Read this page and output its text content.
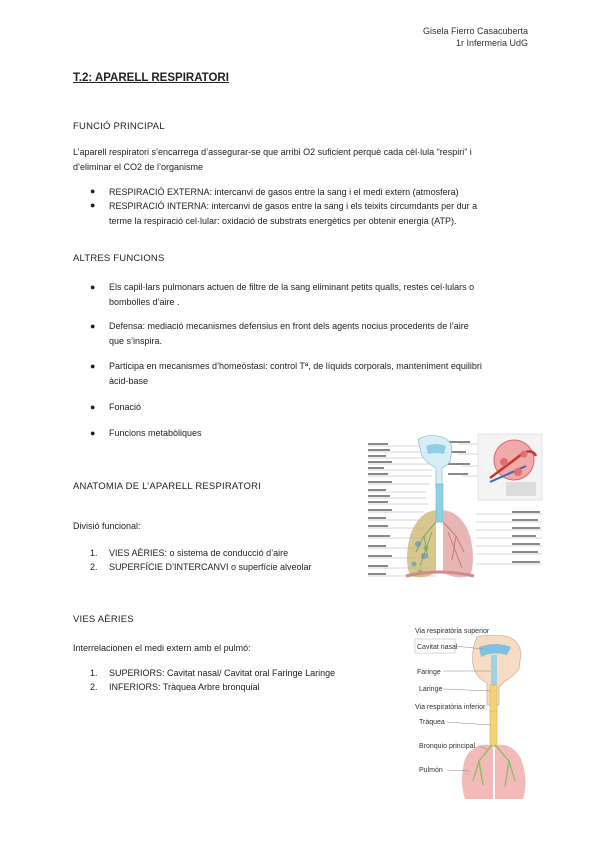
Gisela Fierro Casacuberta
1r Infermeria UdG
T.2: APARELL RESPIRATORI
FUNCIÓ PRINCIPAL
L’aparell respiratori s’encarrega d’assegurar-se que arribi O2 suficient perquè cada cèl·lula “respiri” i
d’eliminar el CO2 de l’organisme
● RESPIRACIÓ EXTERNA: intercanvi de gasos entre la sang i el medi extern (atmosfera)
● RESPIRACIÓ INTERNA: intercanvi de gasos entre la sang i els teixits circumdants per dur a
terme la respiració cel·lular: oxidació de substrats energètics per obtenir energia (ATP).
ALTRES FUNCIONS
● Els capil·lars pulmonars actuen de filtre de la sang eliminant petits qualls, restes cel·lulars o
bombolles d’aire .
● Defensa: mediació mecanismes defensius en front dels agents nocius procedents de l’aire
que s’inspira.
● Participa en mecanismes d’homeòstasi: control Tª, de líquids corporals, manteniment equilibri
àcid-base
● Fonació
● Funcions metabòliques
ANATOMIA DE L’APARELL RESPIRATORI
Divisió funcional:
1. VIES AÈRIES: o sistema de conducció d’aire
2. SUPERFÍCIE D’INTERCANVI o superfície alveolar
VIES AÈRIES
Interrelacionen el medi extern amb el pulmó:
1. SUPERIORS: Cavitat nasal/ Cavitat oral Faringe Laringe
2. INFERIORS: Tràquea Arbre bronquial
Via respiratòria superior
Cavitat nasal
Faringe
Laringe
Via respiratòria inferior
Tràquea
Bronquio principal
Pulmón
